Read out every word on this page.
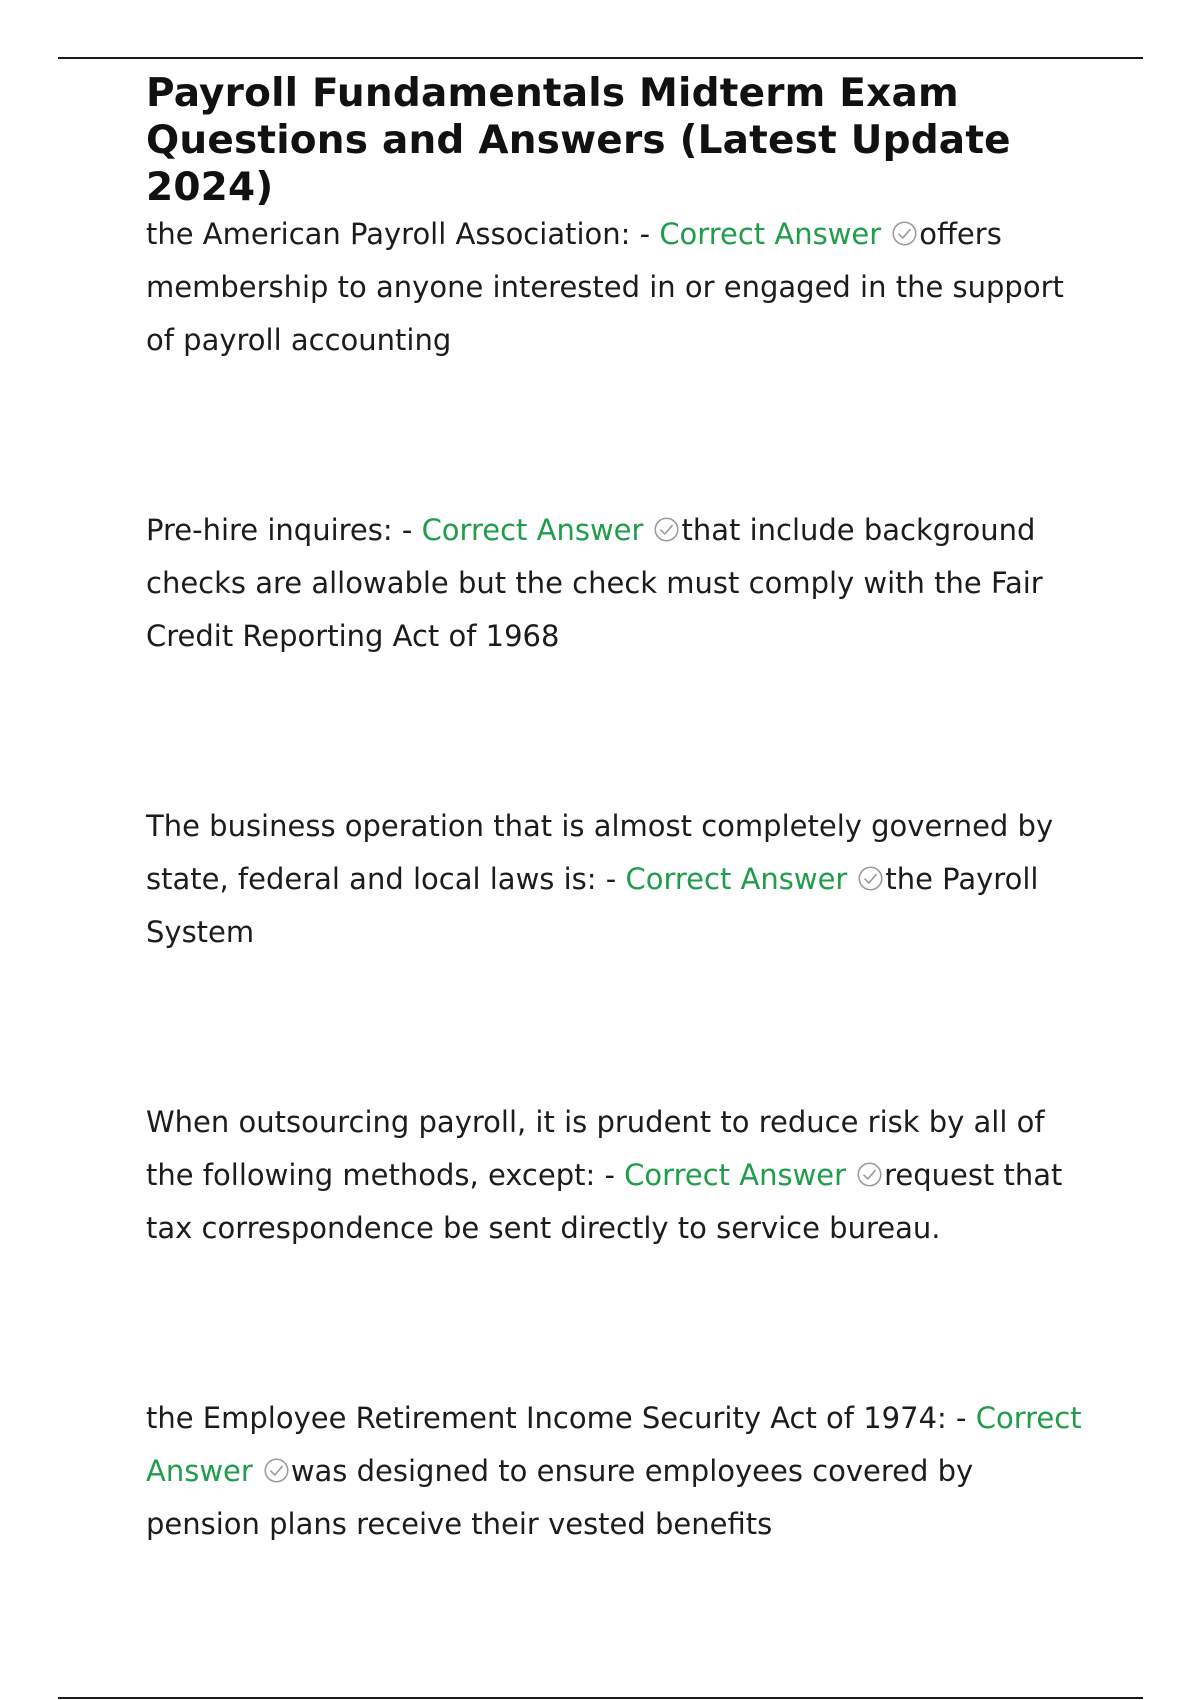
Payroll Fundamentals Midterm Exam Questions and Answers (Latest Update 2024)

the American Payroll Association: - Correct Answer offers membership to anyone interested in or engaged in the support of payroll accounting

Pre-hire inquires: - Correct Answer that include background checks are allowable but the check must comply with the Fair Credit Reporting Act of 1968

The business operation that is almost completely governed by state, federal and local laws is: - Correct Answer the Payroll System

When outsourcing payroll, it is prudent to reduce risk by all of the following methods, except: - Correct Answer request that tax correspondence be sent directly to service bureau.

the Employee Retirement Income Security Act of 1974: - Correct Answer was designed to ensure employees covered by pension plans receive their vested benefits
